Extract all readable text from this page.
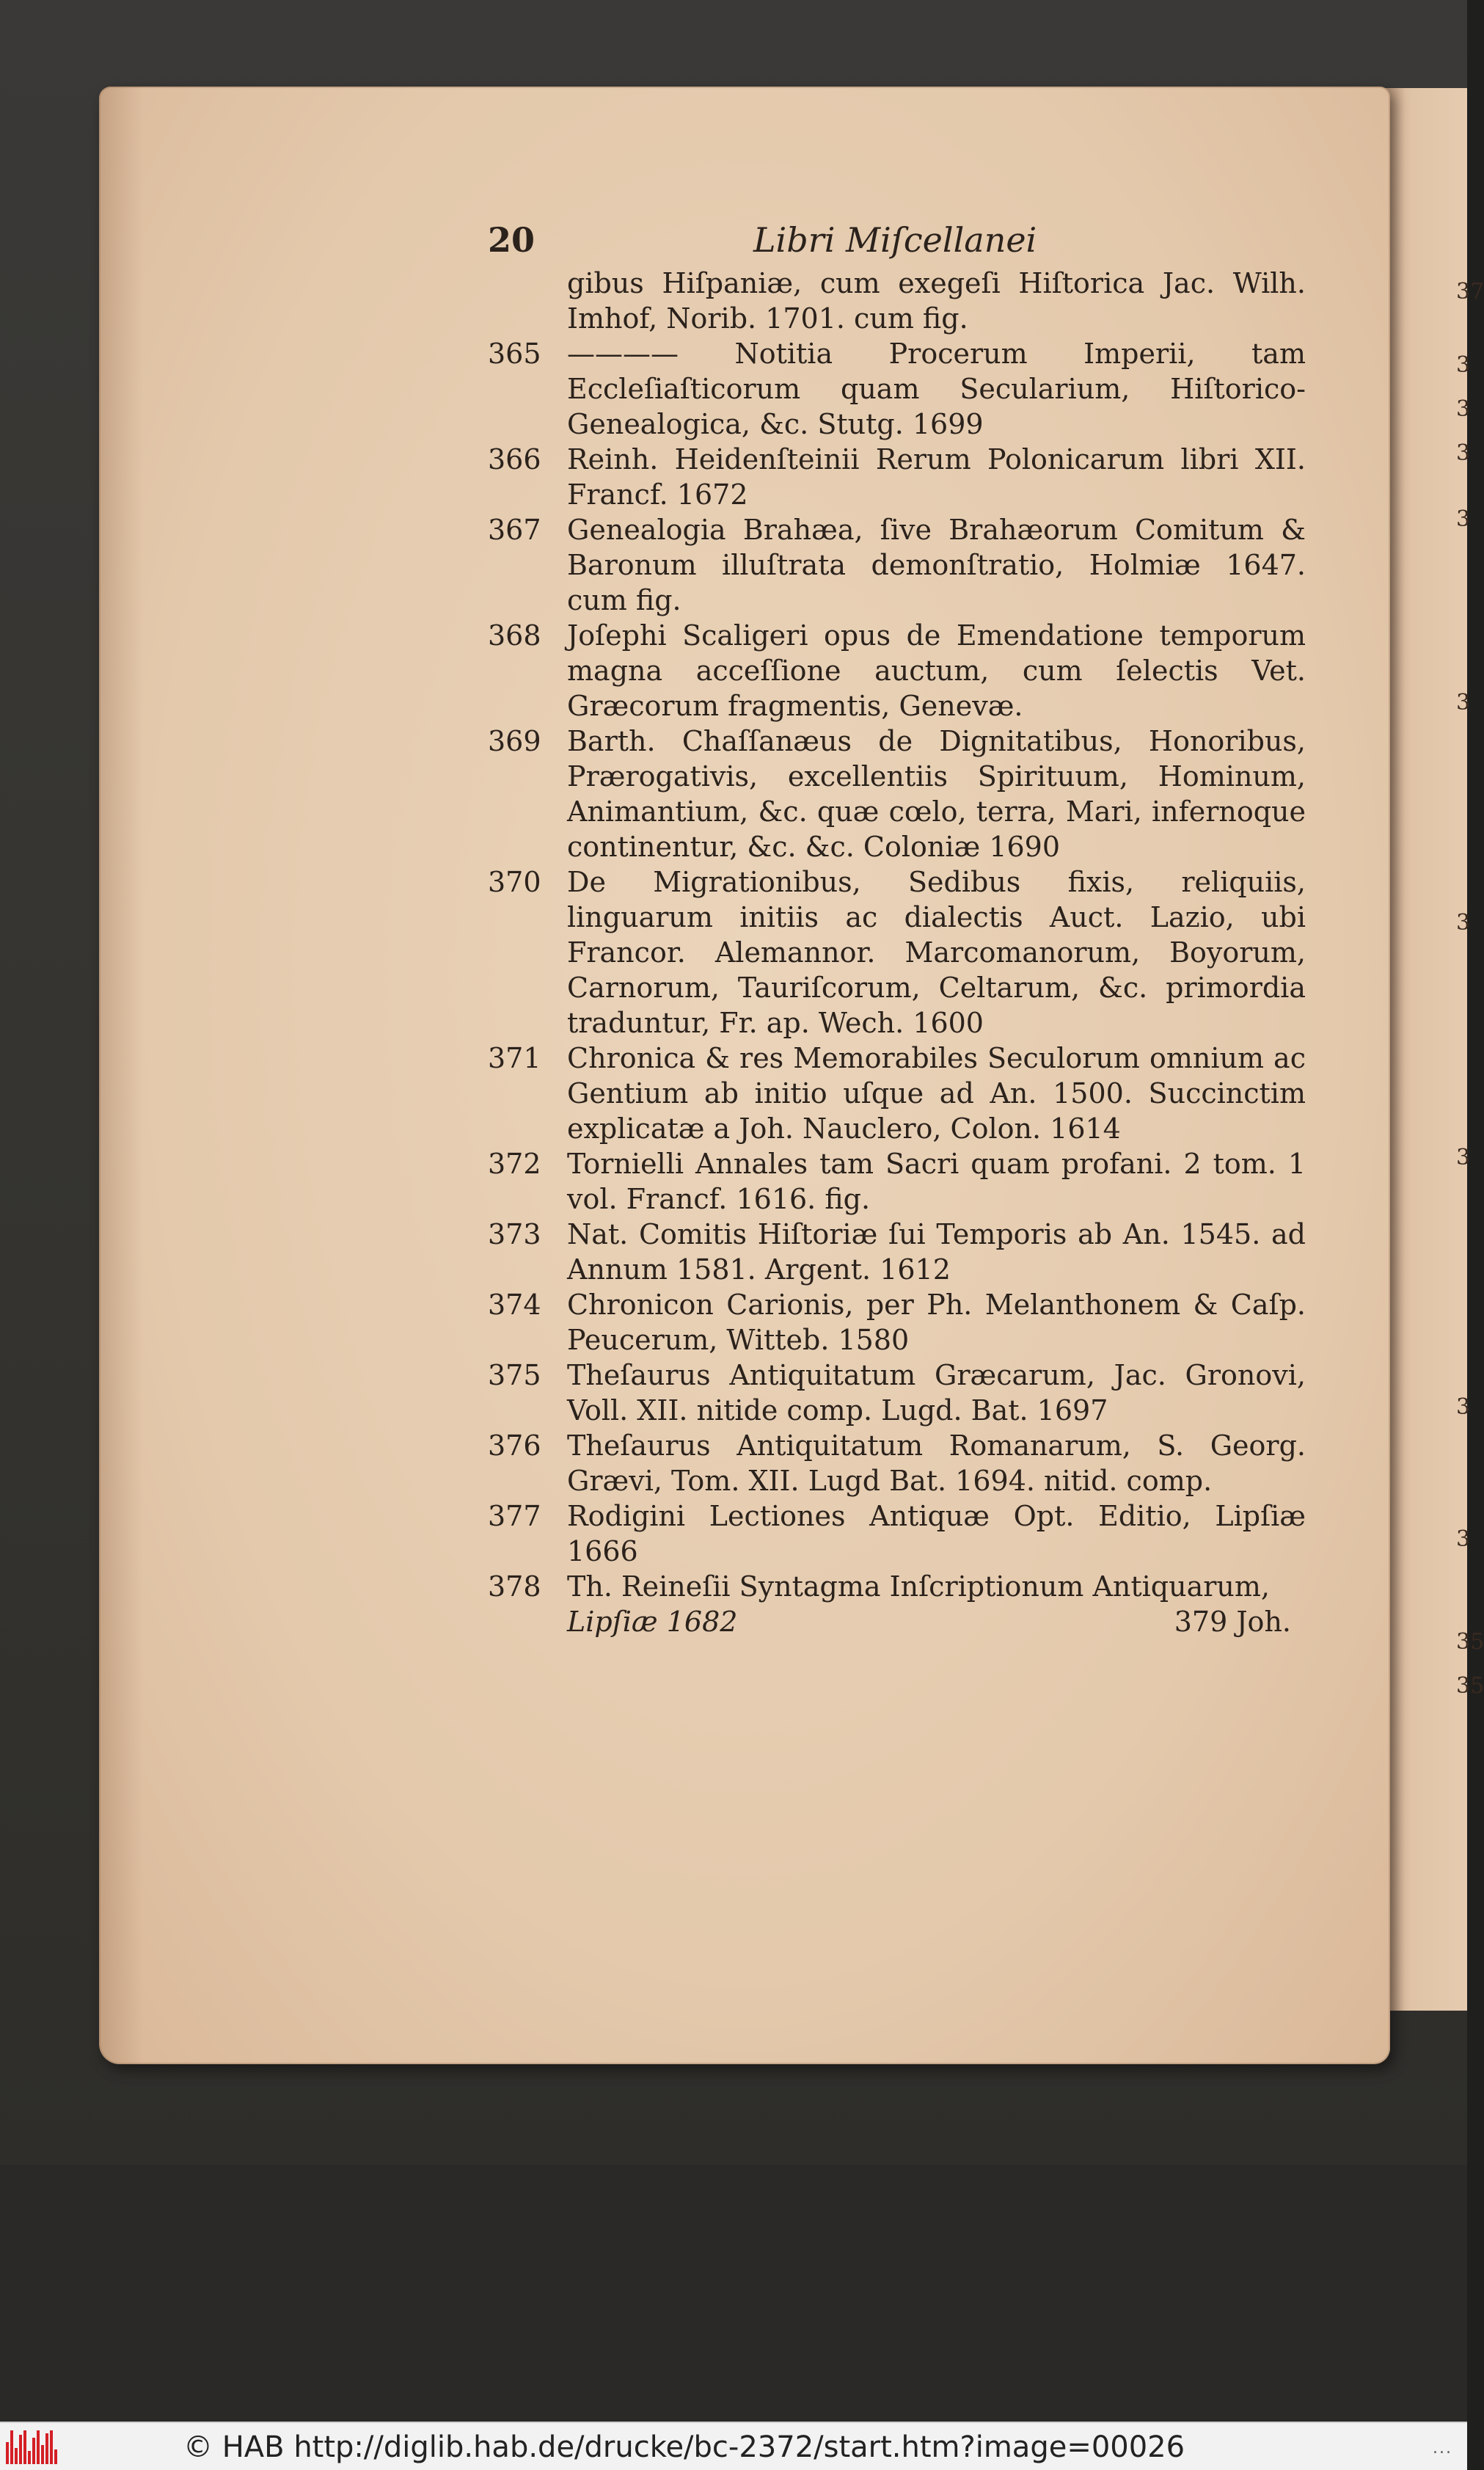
37
3
3
3
3
3
3
3
3
3
35
35
20	Libri Miſcellanei
gibus Hiſpaniæ, cum exegeſi Hiſtorica Jac. Wilh. Imhof, Norib. 1701. cum fig.
365 ———— Notitia Procerum Imperii, tam Eccleſiaſticorum quam Secularium, Hiſtorico-Genealogica, &c. Stutg. 1699
366 Reinh. Heidenſteinii Rerum Polonicarum libri XII. Francf. 1672
367 Genealogia Brahæa, ſive Brahæorum Comitum & Baronum illuſtrata demonſtratio, Holmiæ 1647. cum fig.
368 Joſephi Scaligeri opus de Emendatione temporum magna acceſſione auctum, cum ſelectis Vet. Græcorum fragmentis, Genevæ.
369 Barth. Chaſſanæus de Dignitatibus, Honoribus, Prærogativis, excellentiis Spirituum, Hominum, Animantium, &c. quæ cœlo, terra, Mari, infernoque continentur, &c. &c. Coloniæ 1690
370 De Migrationibus, Sedibus fixis, reliquiis, linguarum initiis ac dialectis Auct. Lazio, ubi Francor. Alemannor. Marcomanorum, Boyorum, Carnorum, Tauriſcorum, Celtarum, &c. primordia traduntur, Fr. ap. Wech. 1600
371 Chronica & res Memorabiles Seculorum omnium ac Gentium ab initio uſque ad An. 1500. Succinctim explicatæ a Joh. Nauclero, Colon. 1614
372 Tornielli Annales tam Sacri quam profani. 2 tom. 1 vol. Francf. 1616. fig.
373 Nat. Comitis Hiſtoriæ ſui Temporis ab An. 1545. ad Annum 1581. Argent. 1612
374 Chronicon Carionis, per Ph. Melanthonem & Caſp. Peucerum, Witteb. 1580
375 Theſaurus Antiquitatum Græcarum, Jac. Gronovi, Voll. XII. nitide comp. Lugd. Bat. 1697
376 Theſaurus Antiquitatum Romanarum, S. Georg. Grævi, Tom. XII. Lugd Bat. 1694. nitid. comp.
377 Rodigini Lectiones Antiquæ Opt. Editio, Lipſiæ 1666
378 Th. Reineſii Syntagma Inſcriptionum Antiquarum,
Lipſiæ 1682	379 Joh.
© HAB http://diglib.hab.de/drucke/bc-2372/start.htm?image=00026	...
